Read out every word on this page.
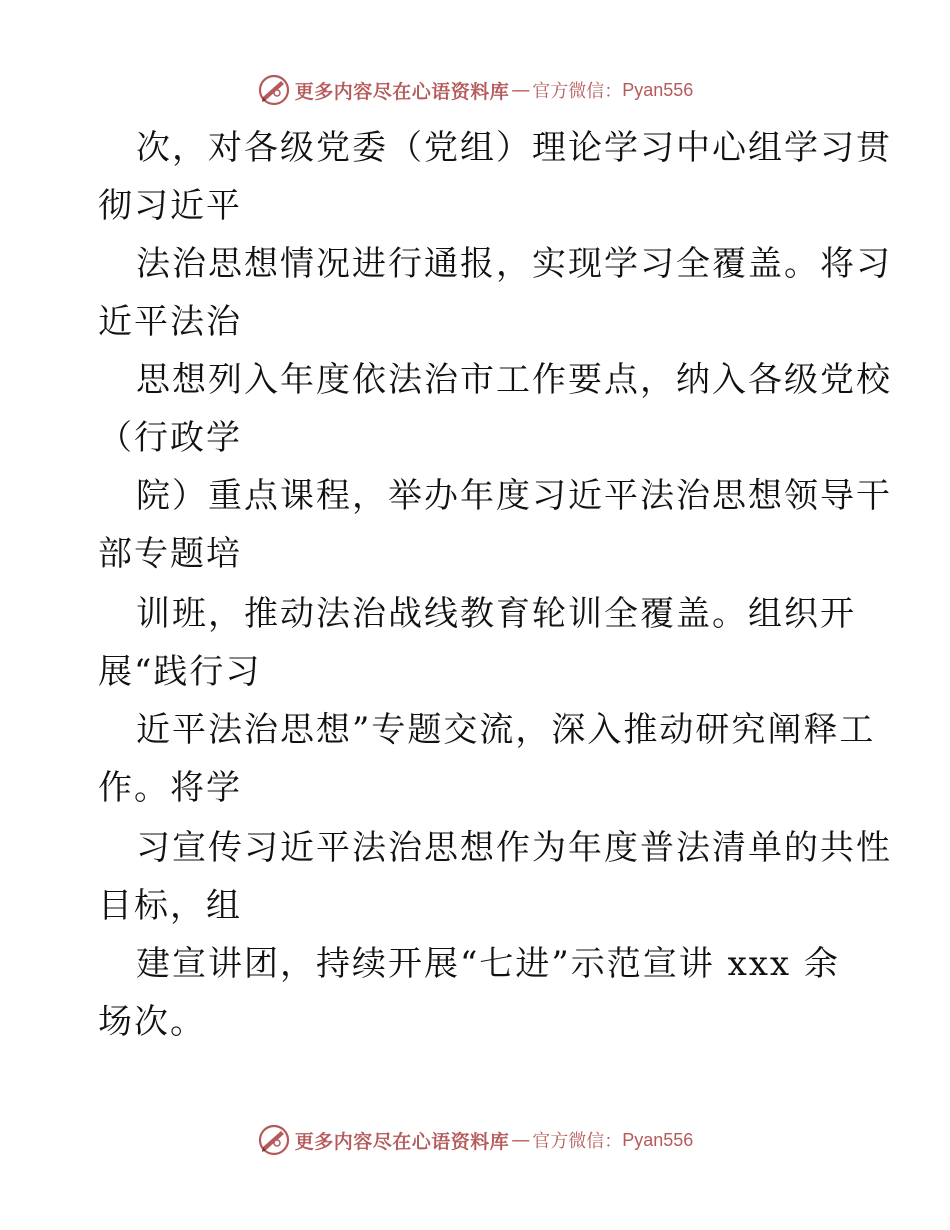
更多内容尽在心语资料库 — 官方微信： Pyan556
次，对各级党委（党组）理论学习中心组学习贯
彻习近平
法治思想情况进行通报，实现学习全覆盖。将习
近平法治
思想列入年度依法治市工作要点，纳入各级党校
（行政学
院）重点课程，举办年度习近平法治思想领导干
部专题培
训班，推动法治战线教育轮训全覆盖。组织开
展“践行习
近平法治思想”专题交流，深入推动研究阐释工
作。将学
习宣传习近平法治思想作为年度普法清单的共性
目标，组
建宣讲团，持续开展“七进”示范宣讲 xxx 余
场次。
更多内容尽在心语资料库 — 官方微信： Pyan556
